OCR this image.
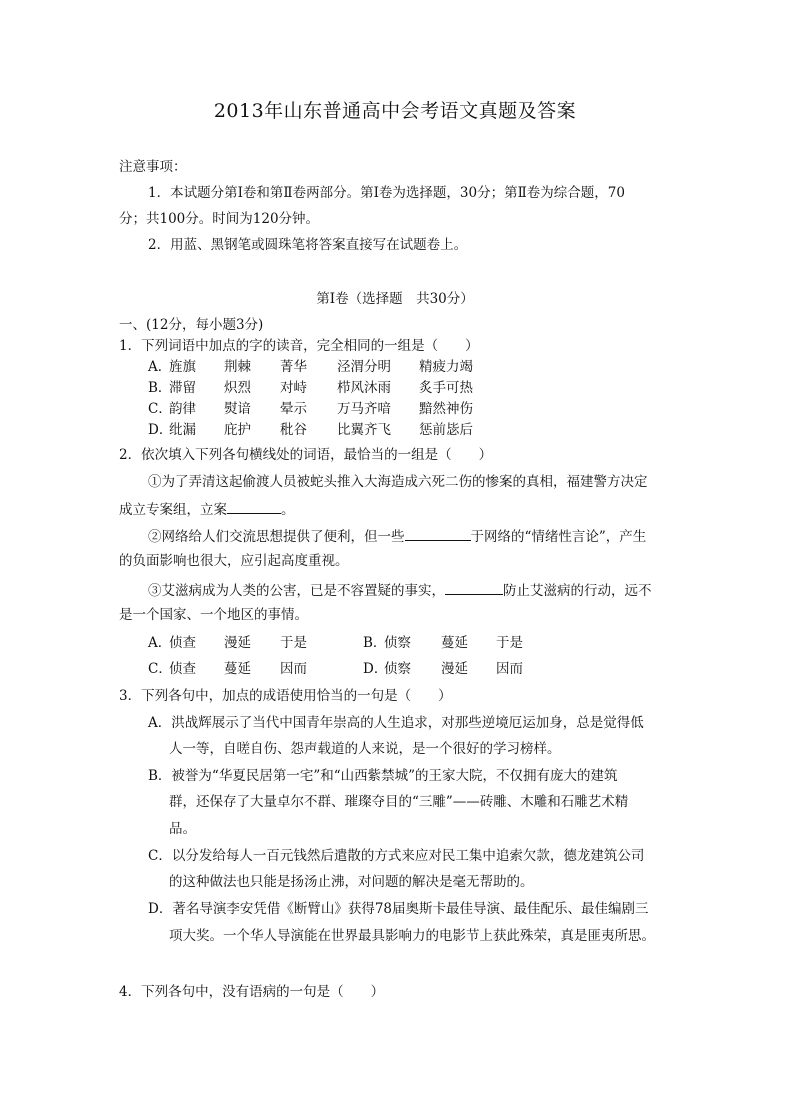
2013年山东普通高中会考语文真题及答案
注意事项：
1．本试题分第Ⅰ卷和第Ⅱ卷两部分。第Ⅰ卷为选择题，30分；第Ⅱ卷为综合题，70
分；共100分。时间为120分钟。
2．用蓝、黑钢笔或圆珠笔将答案直接写在试题卷上。
第Ⅰ卷（选择题　共30分）
一、(12分，每小题3分)
1．下列词语中加点的字的读音，完全相同的一组是（　　）
A．
旌旗 荆棘 菁华 泾渭分明 精疲力竭
B．
滞留 炽烈 对峙 栉风沐雨 炙手可热
C．
韵律 熨谙 晕示 万马齐喑 黯然神伤
D．
纰漏 庇护 秕谷 比翼齐飞 惩前毖后
2．依次填入下列各句横线处的词语，最恰当的一组是（　　）
①为了弄清这起偷渡人员被蛇头推入大海造成六死二伤的惨案的真相，福建警方决定
成立专案组，立案	。
②网络给人们交流思想提供了便利，但一些	于网络的“情绪性言论”，产生
的负面影响也很大，应引起高度重视。
③艾滋病成为人类的公害，已是不容置疑的事实，	防止艾滋病的行动，远不
是一个国家、一个地区的事情。
A．
侦查 漫延 于是	B．
侦察 蔓延 于是
C．
侦查 蔓延 因而	D．
侦察 漫延 因而
3．下列各句中，加点的成语使用恰当的一句是（　　）
A．洪战辉展示了当代中国青年崇高的人生追求，对那些逆境厄运加身，总是觉得低
人一等，自嗟自伤、怨声载道的人来说，是一个很好的学习榜样。
B．被誉为“华夏民居第一宅”和“山西紫禁城”的王家大院，不仅拥有庞大的建筑
群，还保存了大量卓尔不群、璀璨夺目的“三雕”——砖雕、木雕和石雕艺术精
品。
C．以分发给每人一百元钱然后遣散的方式来应对民工集中追索欠款，德龙建筑公司
的这种做法也只能是扬汤止沸，对问题的解决是毫无帮助的。
D．著名导演李安凭借《断臂山》获得78届奥斯卡最佳导演、最佳配乐、最佳编剧三
项大奖。一个华人导演能在世界最具影响力的电影节上获此殊荣，真是匪夷所思。
4．下列各句中，没有语病的一句是（　　）
